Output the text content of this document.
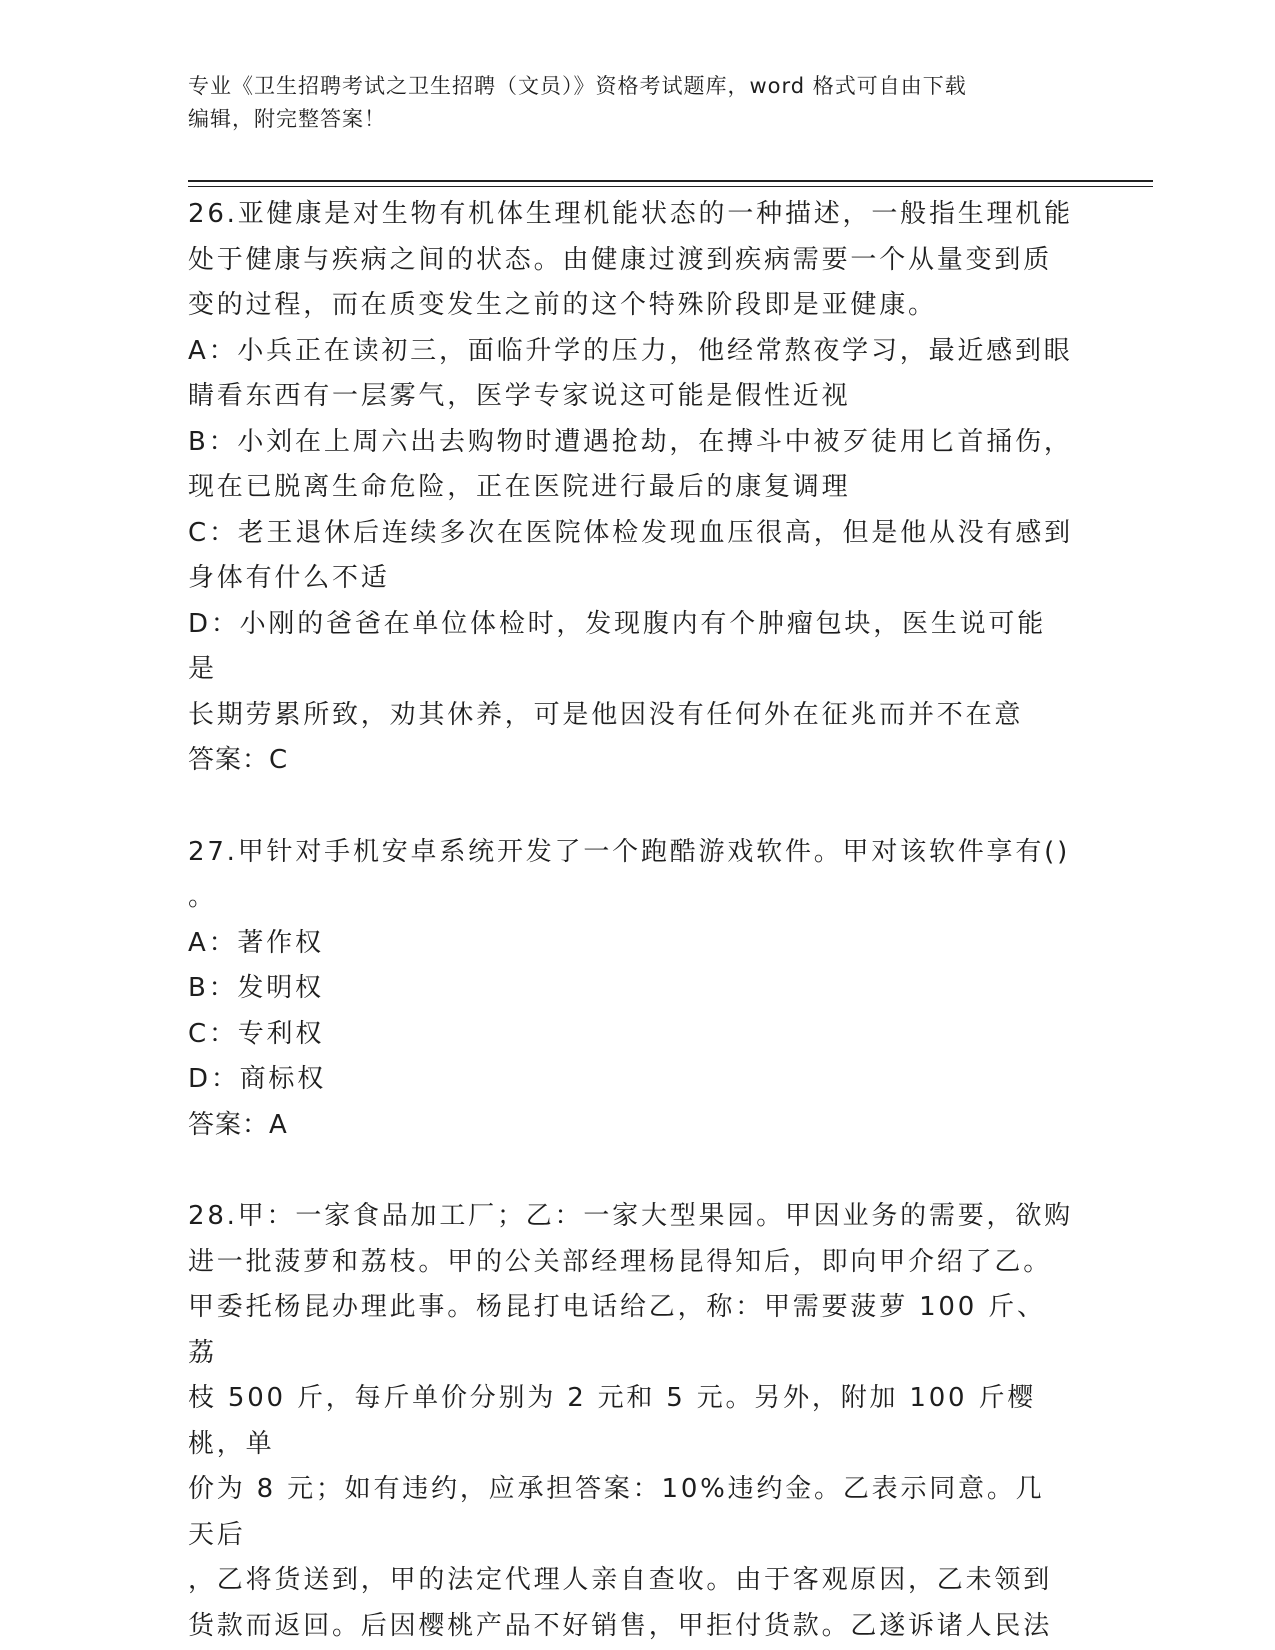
专业《卫生招聘考试之卫生招聘（文员）》资格考试题库，word 格式可自由下载
编辑，附完整答案！

26.亚健康是对生物有机体生理机能状态的一种描述，一般指生理机能

处于健康与疾病之间的状态。由健康过渡到疾病需要一个从量变到质

变的过程，而在质变发生之前的这个特殊阶段即是亚健康。

A：小兵正在读初三，面临升学的压力，他经常熬夜学习，最近感到眼

睛看东西有一层雾气，医学专家说这可能是假性近视

B：小刘在上周六出去购物时遭遇抢劫，在搏斗中被歹徒用匕首捅伤，

现在已脱离生命危险，正在医院进行最后的康复调理

C：老王退休后连续多次在医院体检发现血压很高，但是他从没有感到

身体有什么不适

D：小刚的爸爸在单位体检时，发现腹内有个肿瘤包块，医生说可能是

长期劳累所致，劝其休养，可是他因没有任何外在征兆而并不在意

答案：C

27.甲针对手机安卓系统开发了一个跑酷游戏软件。甲对该软件享有()

。

A：著作权

B：发明权

C：专利权

D：商标权

答案：A

28.甲：一家食品加工厂；乙：一家大型果园。甲因业务的需要，欲购

进一批菠萝和荔枝。甲的公关部经理杨昆得知后，即向甲介绍了乙。

甲委托杨昆办理此事。杨昆打电话给乙，称：甲需要菠萝 100 斤、荔

枝 500 斤，每斤单价分别为 2 元和 5 元。另外，附加 100 斤樱桃，单

价为 8 元；如有违约，应承担答案：10%违约金。乙表示同意。几天后

，乙将货送到，甲的法定代理人亲自查收。由于客观原因，乙未领到

货款而返回。后因樱桃产品不好销售，甲拒付货款。乙遂诉诸人民法
